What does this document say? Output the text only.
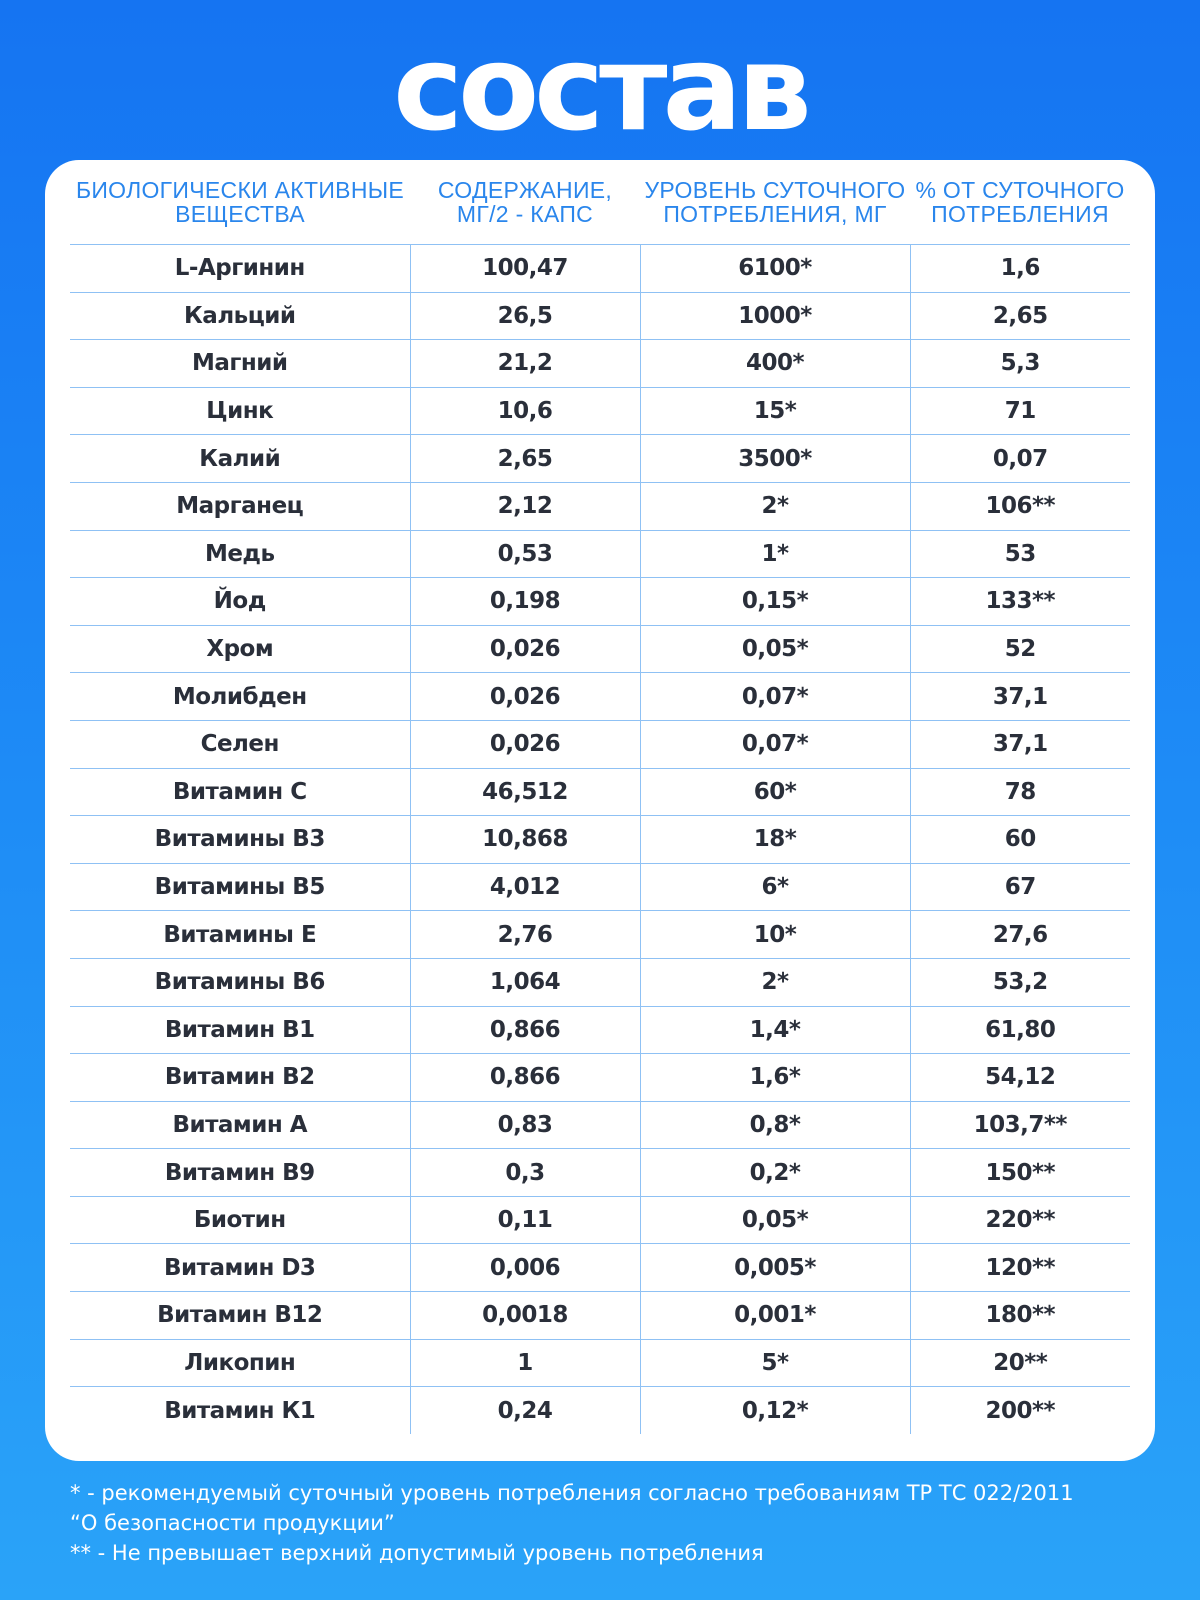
состав
БИОЛОГИЧЕСКИ АКТИВНЫЕ ВЕЩЕСТВА	СОДЕРЖАНИЕ, МГ/2 - КАПС	УРОВЕНЬ СУТОЧНОГО ПОТРЕБЛЕНИЯ, МГ	% ОТ СУТОЧНОГО ПОТРЕБЛЕНИЯ
L-Аргинин	100,47	6100*	1,6
Кальций	26,5	1000*	2,65
Магний	21,2	400*	5,3
Цинк	10,6	15*	71
Калий	2,65	3500*	0,07
Марганец	2,12	2*	106**
Медь	0,53	1*	53
Йод	0,198	0,15*	133**
Хром	0,026	0,05*	52
Молибден	0,026	0,07*	37,1
Селен	0,026	0,07*	37,1
Витамин С	46,512	60*	78
Витамины В3	10,868	18*	60
Витамины В5	4,012	6*	67
Витамины Е	2,76	10*	27,6
Витамины В6	1,064	2*	53,2
Витамин В1	0,866	1,4*	61,80
Витамин В2	0,866	1,6*	54,12
Витамин А	0,83	0,8*	103,7**
Витамин В9	0,3	0,2*	150**
Биотин	0,11	0,05*	220**
Витамин D3	0,006	0,005*	120**
Витамин В12	0,0018	0,001*	180**
Ликопин	1	5*	20**
Витамин К1	0,24	0,12*	200**
* - рекомендуемый суточный уровень потребления согласно требованиям ТР ТС 022/2011
“О безопасности продукции”
** - Не превышает верхний допустимый уровень потребления
